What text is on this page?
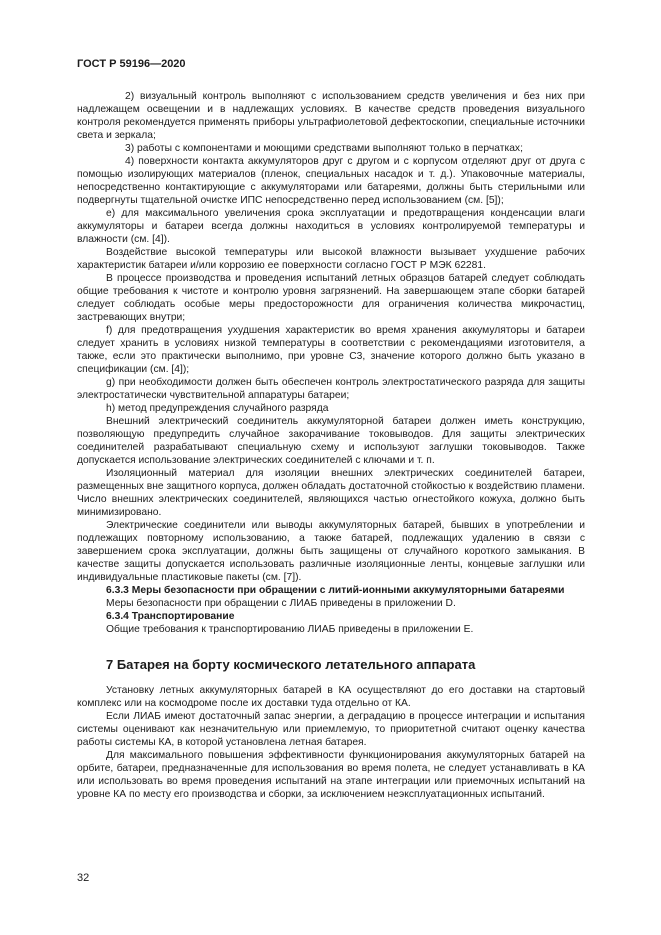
ГОСТ Р 59196—2020

2) визуальный контроль выполняют с использованием средств увеличения и без них при надлежащем освещении и в надлежащих условиях. В качестве средств проведения визуального контроля рекомендуется применять приборы ультрафиолетовой дефектоскопии, специальные источники света и зеркала;

3) работы с компонентами и моющими средствами выполняют только в перчатках;

4) поверхности контакта аккумуляторов друг с другом и с корпусом отделяют друг от друга с помощью изолирующих материалов (пленок, специальных насадок и т. д.). Упаковочные материалы, непосредственно контактирующие с аккумуляторами или батареями, должны быть стерильными или подвергнуты тщательной очистке ИПС непосредственно перед использованием (см. [5]);

e) для максимального увеличения срока эксплуатации и предотвращения конденсации влаги аккумуляторы и батареи всегда должны находиться в условиях контролируемой температуры и влажности (см. [4]).

Воздействие высокой температуры или высокой влажности вызывает ухудшение рабочих характеристик батареи и/или коррозию ее поверхности согласно ГОСТ Р МЭК 62281.

В процессе производства и проведения испытаний летных образцов батарей следует соблюдать общие требования к чистоте и контролю уровня загрязнений. На завершающем этапе сборки батарей следует соблюдать особые меры предосторожности для ограничения количества микрочастиц, застревающих внутри;

f) для предотвращения ухудшения характеристик во время хранения аккумуляторы и батареи следует хранить в условиях низкой температуры в соответствии с рекомендациями изготовителя, а также, если это практически выполнимо, при уровне С3, значение которого должно быть указано в спецификации (см. [4]);

g) при необходимости должен быть обеспечен контроль электростатического разряда для защиты электростатически чувствительной аппаратуры батареи;

h) метод предупреждения случайного разряда

Внешний электрический соединитель аккумуляторной батареи должен иметь конструкцию, позволяющую предупредить случайное закорачивание токовыводов. Для защиты электрических соединителей разрабатывают специальную схему и используют заглушки токовыводов. Также допускается использование электрических соединителей с ключами и т. п.

Изоляционный материал для изоляции внешних электрических соединителей батареи, размещенных вне защитного корпуса, должен обладать достаточной стойкостью к воздействию пламени. Число внешних электрических соединителей, являющихся частью огнестойкого кожуха, должно быть минимизировано.

Электрические соединители или выводы аккумуляторных батарей, бывших в употреблении и подлежащих повторному использованию, а также батарей, подлежащих удалению в связи с завершением срока эксплуатации, должны быть защищены от случайного короткого замыкания. В качестве защиты допускается использовать различные изоляционные ленты, концевые заглушки или индивидуальные пластиковые пакеты (см. [7]).

6.3.3 Меры безопасности при обращении с литий-ионными аккумуляторными батареями

Меры безопасности при обращении с ЛИАБ приведены в приложении D.

6.3.4 Транспортирование

Общие требования к транспортированию ЛИАБ приведены в приложении Е.

7 Батарея на борту космического летательного аппарата

Установку летных аккумуляторных батарей в КА осуществляют до его доставки на стартовый комплекс или на космодроме после их доставки туда отдельно от КА.

Если ЛИАБ имеют достаточный запас энергии, а деградацию в процессе интеграции и испытания системы оценивают как незначительную или приемлемую, то приоритетной считают оценку качества работы системы КА, в которой установлена летная батарея.

Для максимального повышения эффективности функционирования аккумуляторных батарей на орбите, батареи, предназначенные для использования во время полета, не следует устанавливать в КА или использовать во время проведения испытаний на этапе интеграции или приемочных испытаний на уровне КА по месту его производства и сборки, за исключением неэксплуатационных испытаний.

32
